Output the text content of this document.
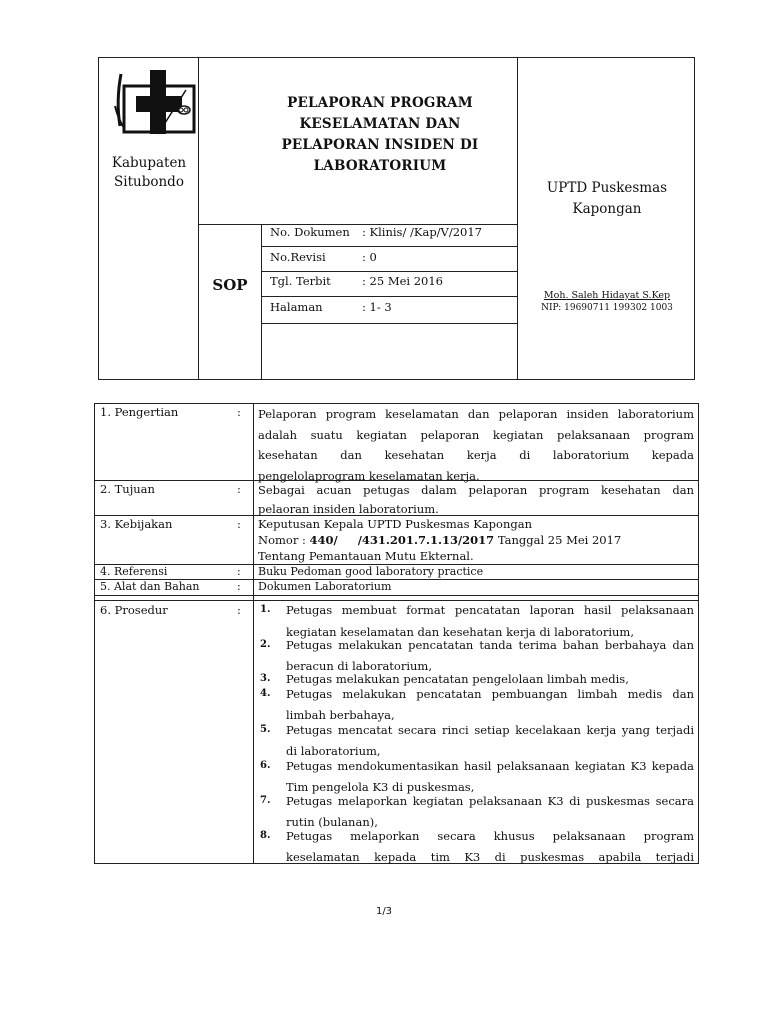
Kabupaten
Situbondo
PELAPORAN PROGRAM
KESELAMATAN DAN
PELAPORAN INSIDEN DI
LABORATORIUM
UPTD Puskesmas
Kapongan
SOP
No. Dokumen : Klinis/ /Kap/V/2017
No.Revisi	: 0
Tgl. Terbit	: 25 Mei 2016
Halaman	: 1- 3
Moh. Saleh Hidayat S.Kep
NIP: 19690711 199302 1003
1. Pengertian	: Pelaporan program keselamatan dan pelaporan insiden laboratorium
adalah suatu kegiatan pelaporan kegiatan pelaksanaan program
kesehatan dan kesehatan kerja di laboratorium kepada
pengelolaprogram keselamatan kerja.
2. Tujuan	: Sebagai acuan petugas dalam pelaporan program kesehatan dan
pelaoran insiden laboratorium.
3. Kebijakan	: Keputusan Kepala UPTD Puskesmas Kapongan
Nomor : 440/     /431.201.7.1.13/2017 Tanggal 25 Mei 2017
Tentang Pemantauan Mutu Ekternal.
4. Referensi	: Buku Pedoman good laboratory practice
5. Alat dan Bahan	: Dokumen Laboratorium
6. Prosedur	: 1.	Petugas membuat format pencatatan laporan hasil pelaksanaan
kegiatan keselamatan dan kesehatan kerja di laboratorium,
2.	Petugas melakukan pencatatan tanda terima bahan berbahaya dan
beracun di laboratorium,
3.	Petugas melakukan pencatatan pengelolaan limbah medis,
4.	Petugas melakukan pencatatan pembuangan limbah medis dan
limbah berbahaya,
5.	Petugas mencatat secara rinci setiap kecelakaan kerja yang terjadi
di laboratorium,
6.	Petugas mendokumentasikan hasil pelaksanaan kegiatan K3 kepada
Tim pengelola K3 di puskesmas,
7.	Petugas melaporkan kegiatan pelaksanaan K3 di puskesmas secara
rutin (bulanan),
8.	Petugas melaporkan secara khusus pelaksanaan program
keselamatan kepada tim K3 di puskesmas apabila terjadi
1/3
